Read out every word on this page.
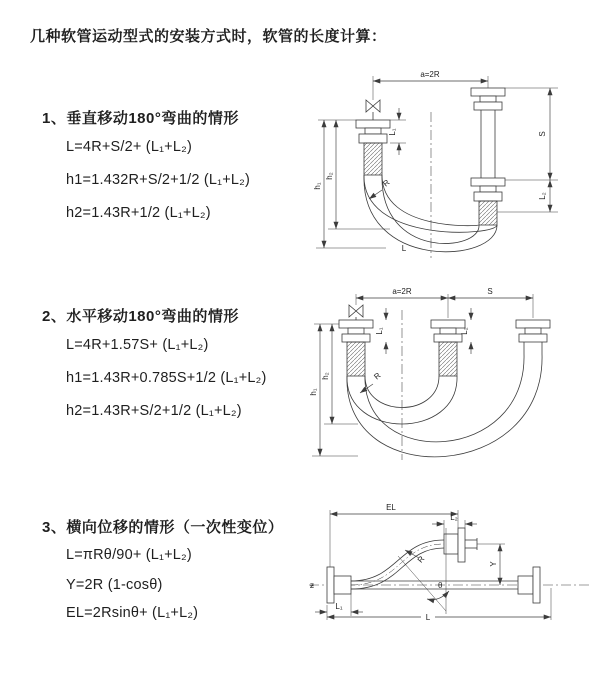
几种软管运动型式的安装方式时，软管的长度计算：
1、垂直移动180°弯曲的情形
L=4R+S/2+ (L₁+L₂)
h1=1.432R+S/2+1/2 (L₁+L₂)
h2=1.43R+1/2 (L₁+L₂)
a=2R
S
L₂
L₁
h₂
h₁	R
L
2、水平移动180°弯曲的情形
L=4R+1.57S+ (L₁+L₂)
h1=1.43R+0.785S+1/2 (L₁+L₂)
h2=1.43R+S/2+1/2 (L₁+L₂)
a=2R	S
L₁	L₂
h₂
h₁
R
3、横向位移的情形（一次性变位）
L=πRθ/90+ (L₁+L₂)
Y=2R (1-cosθ)
EL=2Rsinθ+ (L₁+L₂)
ƶ
EL
L₂
Y
R
θ
L₁
L
